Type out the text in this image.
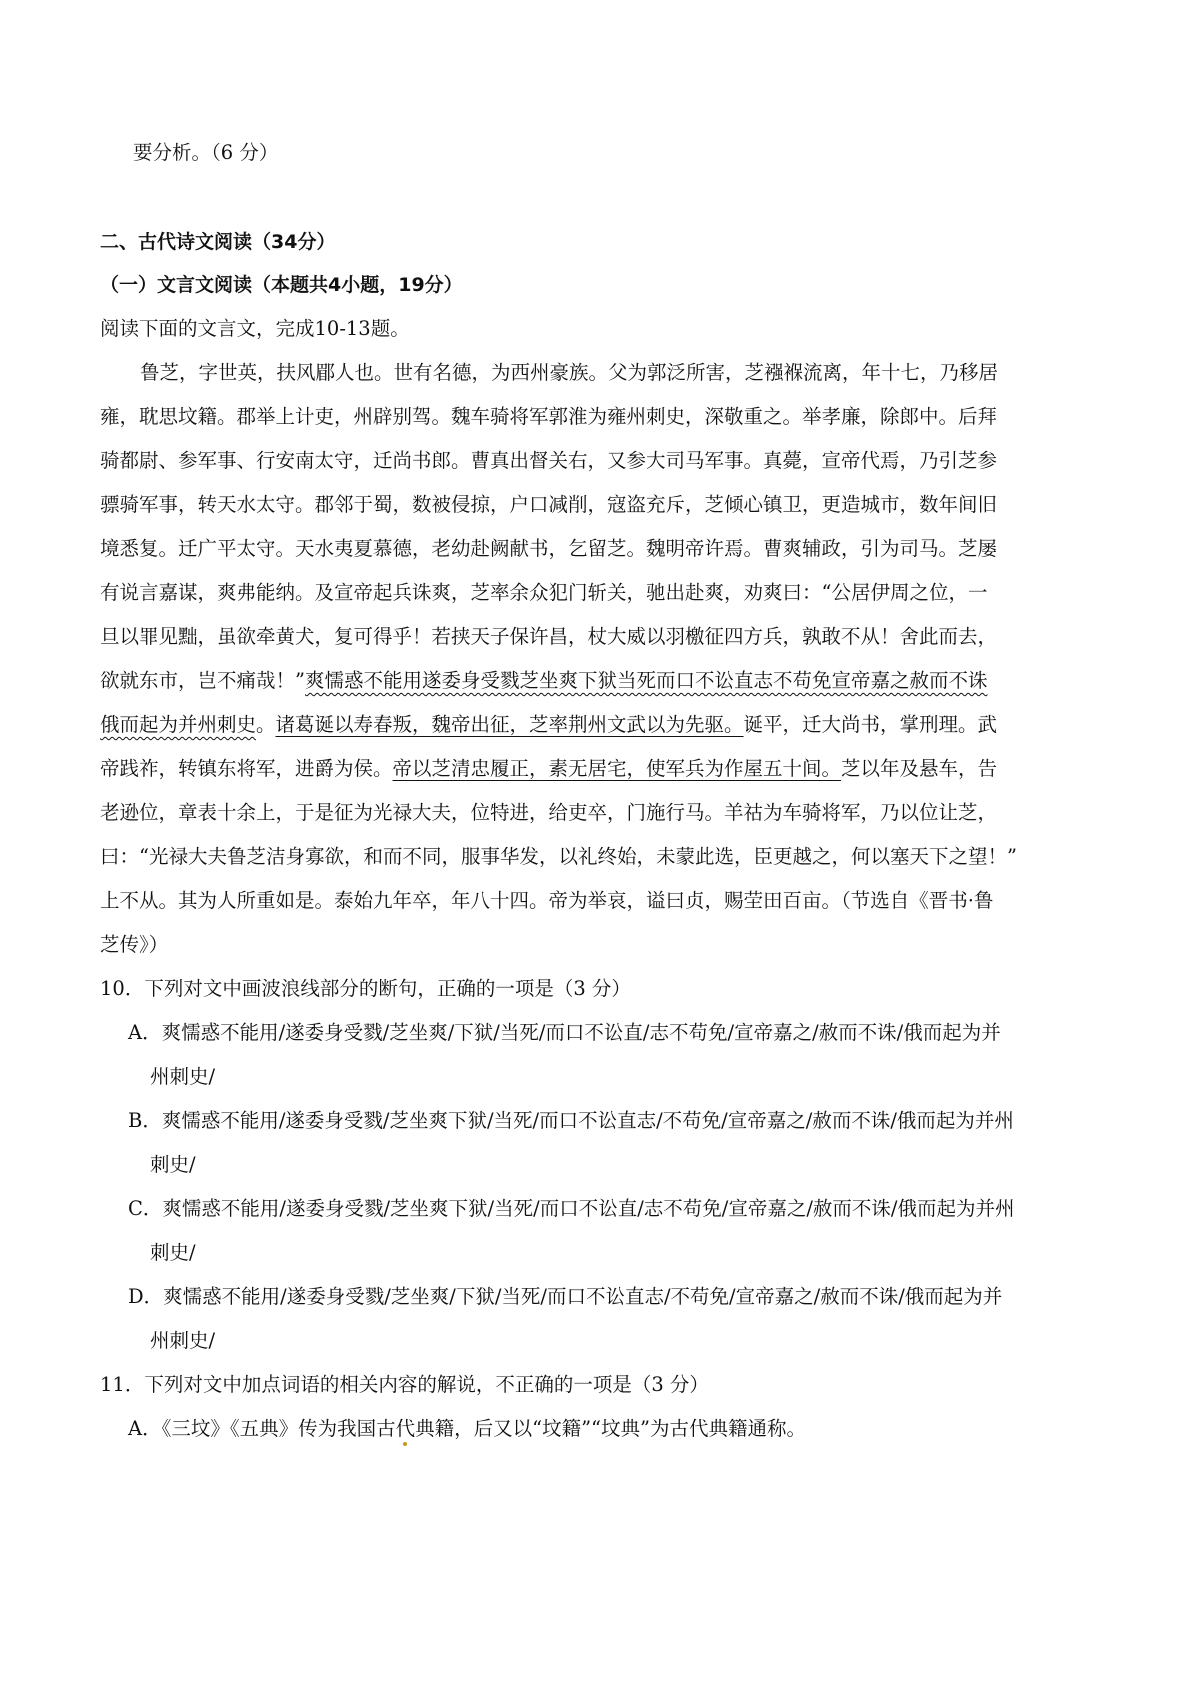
要分析。（6 分）
二、古代诗文阅读（34分）
（一）文言文阅读（本题共4小题，19分）
阅读下面的文言文，完成10-13题。
鲁芝，字世英，扶风郿人也。世有名德，为西州豪族。父为郭泛所害，芝襁褓流离，年十七，乃移居
雍，耽思坟籍。郡举上计吏，州辟别驾。魏车骑将军郭淮为雍州刺史，深敬重之。举孝廉，除郎中。后拜
骑都尉、参军事、行安南太守，迁尚书郎。曹真出督关右，又参大司马军事。真薨，宣帝代焉，乃引芝参
骠骑军事，转天水太守。郡邻于蜀，数被侵掠，户口减削，寇盗充斥，芝倾心镇卫，更造城市，数年间旧
境悉复。迁广平太守。天水夷夏慕德，老幼赴阙献书，乞留芝。魏明帝许焉。曹爽辅政，引为司马。芝屡
有说言嘉谋，爽弗能纳。及宣帝起兵诛爽，芝率余众犯门斩关，驰出赴爽，劝爽曰：“公居伊周之位，一
旦以罪见黜，虽欲牵黄犬，复可得乎！若挟天子保许昌，杖大威以羽檄征四方兵，孰敢不从！舍此而去，
欲就东市，岂不痛哉！”爽懦惑不能用遂委身受戮芝坐爽下狱当死而口不讼直志不苟免宣帝嘉之赦而不诛
俄而起为并州刺史。诸葛诞以寿春叛，魏帝出征，芝率荆州文武以为先驱。诞平，迁大尚书，掌刑理。武
帝践祚，转镇东将军，进爵为侯。帝以芝清忠履正，素无居宅，使军兵为作屋五十间。芝以年及悬车，告
老逊位，章表十余上，于是征为光禄大夫，位特进，给吏卒，门施行马。羊祜为车骑将军，乃以位让芝，
曰：“光禄大夫鲁芝洁身寡欲，和而不同，服事华发，以礼终始，未蒙此选，臣更越之，何以塞天下之望！”
上不从。其为人所重如是。泰始九年卒，年八十四。帝为举哀，谥曰贞，赐茔田百亩。（节选自《晋书·鲁
芝传》）
10．下列对文中画波浪线部分的断句，正确的一项是（3 分）
A．爽懦惑不能用/遂委身受戮/芝坐爽/下狱/当死/而口不讼直/志不苟免/宣帝嘉之/赦而不诛/俄而起为并
州刺史/
B．爽懦惑不能用/遂委身受戮/芝坐爽下狱/当死/而口不讼直志/不苟免/宣帝嘉之/赦而不诛/俄而起为并州
刺史/
C．爽懦惑不能用/遂委身受戮/芝坐爽下狱/当死/而口不讼直/志不苟免/宣帝嘉之/赦而不诛/俄而起为并州
刺史/
D．爽懦惑不能用/遂委身受戮/芝坐爽/下狱/当死/而口不讼直志/不苟免/宣帝嘉之/赦而不诛/俄而起为并
州刺史/
11．下列对文中加点词语的相关内容的解说，不正确的一项是（3 分）
A．《三坟》《五典》传为我国古代典籍，后又以“坟籍”“坟典”为古代典籍通称。
